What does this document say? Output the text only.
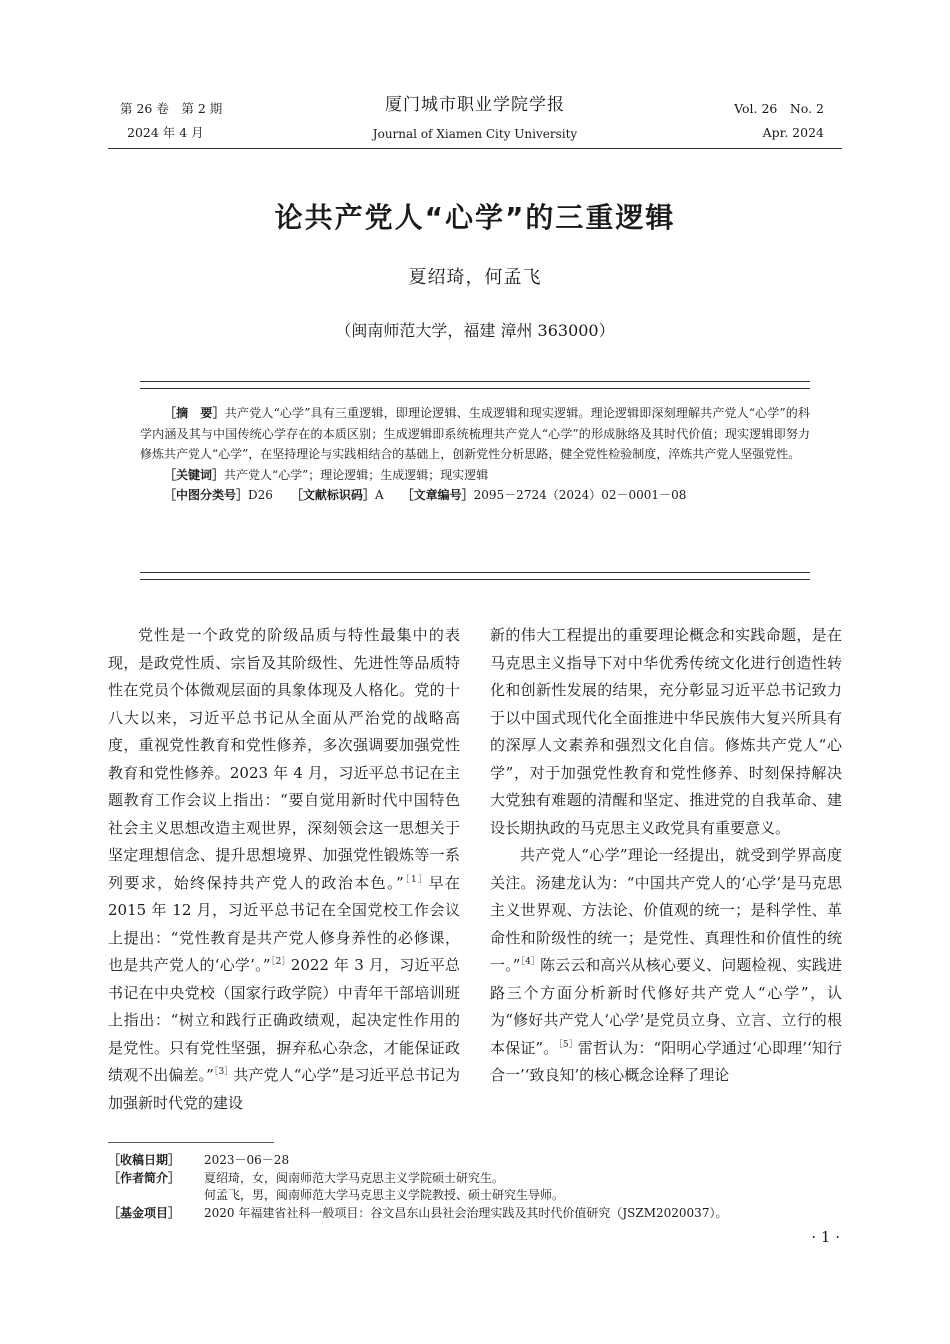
第 26 卷　第 2 期
2024 年 4 月
厦门城市职业学院学报
Journal of Xiamen City University
Vol. 26　No. 2
Apr. 2024
论共产党人“心学”的三重逻辑
夏绍琦，何孟飞
（闽南师范大学，福建 漳州 363000）

［摘　要］共产党人“心学”具有三重逻辑，即理论逻辑、生成逻辑和现实逻辑。理论逻辑即深刻理解共产党人“心学”的科学内涵及其与中国传统心学存在的本质区别；生成逻辑即系统梳理共产党人“心学”的形成脉络及其时代价值；现实逻辑即努力修炼共产党人“心学”，在坚持理论与实践相结合的基础上，创新党性分析思路，健全党性检验制度，淬炼共产党人坚强党性。

［关键词］共产党人“心学”；理论逻辑；生成逻辑；现实逻辑

［中图分类号］D26　　 ［文献标识码］A　　 ［文章编号］2095－2724（2024）02－0001－08

党性是一个政党的阶级品质与特性最集中的表现，是政党性质、宗旨及其阶级性、先进性等品质特性在党员个体微观层面的具象体现及人格化。党的十八大以来，习近平总书记从全面从严治党的战略高度，重视党性教育和党性修养，多次强调要加强党性教育和党性修养。2023 年 4 月，习近平总书记在主题教育工作会议上指出：“要自觉用新时代中国特色社会主义思想改造主观世界，深刻领会这一思想关于坚定理想信念、提升思想境界、加强党性锻炼等一系列要求，始终保持共产党人的政治本色。”$^{[1]}$早在 2015 年 12 月，习近平总书记在全国党校工作会议上提出：“党性教育是共产党人修身养性的必修课，也是共产党人的‘心学’。”$^{[2]}$2022 年 3 月，习近平总书记在中央党校（国家行政学院）中青年干部培训班上指出：“树立和践行正确政绩观，起决定性作用的是党性。只有党性坚强，摒弃私心杂念，才能保证政绩观不出偏差。”$^{[3]}$共产党人“心学”是习近平总书记为加强新时代党的建设

新的伟大工程提出的重要理论概念和实践命题，是在马克思主义指导下对中华优秀传统文化进行创造性转化和创新性发展的结果，充分彰显习近平总书记致力于以中国式现代化全面推进中华民族伟大复兴所具有的深厚人文素养和强烈文化自信。修炼共产党人“心学”，对于加强党性教育和党性修养、时刻保持解决大党独有难题的清醒和坚定、推进党的自我革命、建设长期执政的马克思主义政党具有重要意义。

共产党人“心学”理论一经提出，就受到学界高度关注。汤建龙认为：“中国共产党人的‘心学’是马克思主义世界观、方法论、价值观的统一；是科学性、革命性和阶级性的统一；是党性、真理性和价值性的统一。”$^{[4]}$陈云云和高兴从核心要义、问题检视、实践进路三个方面分析新时代修好共产党人“心学”，认为“修好共产党人‘心学’是党员立身、立言、立行的根本保证”。$^{[5]}$雷哲认为：“阳明心学通过‘心即理’‘知行合一’‘致良知’的核心概念诠释了理论

［收稿日期］	2023－06－28
［作者简介］	夏绍琦，女，闽南师范大学马克思主义学院硕士研究生。
何孟飞，男，闽南师范大学马克思主义学院教授、硕士研究生导师。
［基金项目］	2020 年福建省社科一般项目：谷文昌东山县社会治理实践及其时代价值研究（JSZM2020037）。
· 1 ·
